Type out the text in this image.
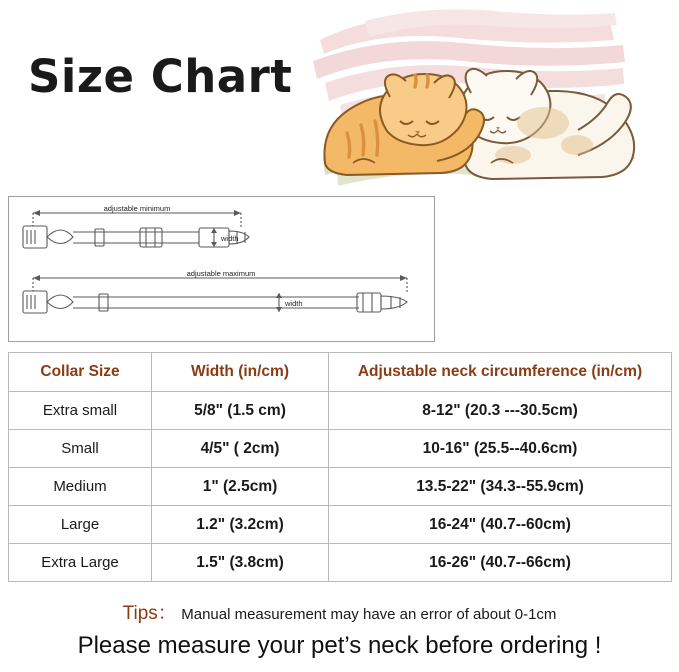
Size Chart
adjustable minimum
adjustable maximum
width
width
Collar Size	Width (in/cm)	Adjustable neck circumference (in/cm)
Extra small	5/8" (1.5 cm)	8-12" (20.3 ---30.5cm)
Small	4/5" ( 2cm)	10-16" (25.5--40.6cm)
Medium	1" (2.5cm)	13.5-22" (34.3--55.9cm)
Large	1.2" (3.2cm)	16-24" (40.7--60cm)
Extra Large	1.5" (3.8cm)	16-26" (40.7--66cm)
Tips： Manual measurement may have an error of about 0-1cm
Please measure your pet’s neck before ordering !
